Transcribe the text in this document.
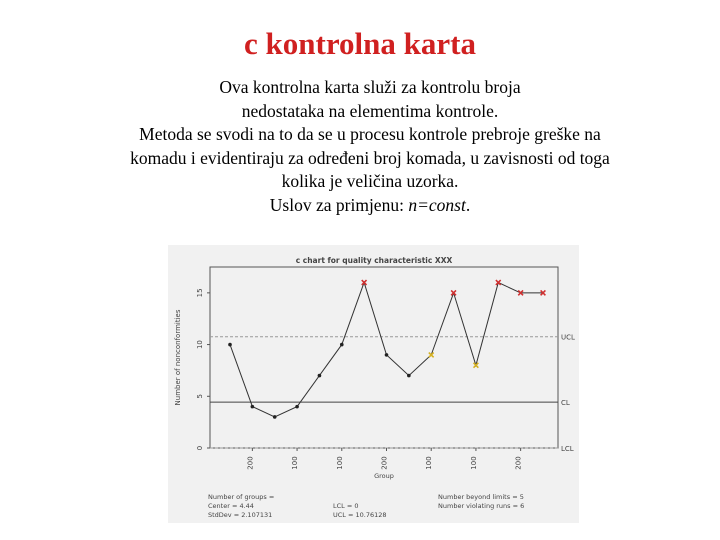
c kontrolna karta

Ova kontrolna karta služi za kontrolu broja

nedostataka na elementima kontrole.

Metoda se svodi na to da se u procesu kontrole prebroje greške na

komadu i evidentiraju za određeni broj komada, u zavisnosti od toga

kolika je veličina uzorka.

Uslov za primjenu: n=const.

c chart for quality characteristic XXX
UCL
CL
LCL
0
5
10
15
Number of nonconformities
200	100	100	200	100	100	200
Group
Number of groups =
Center = 4.44
StdDev = 2.107131
LCL = 0
UCL = 10.76128
Number beyond limits = 5
Number violating runs = 6
